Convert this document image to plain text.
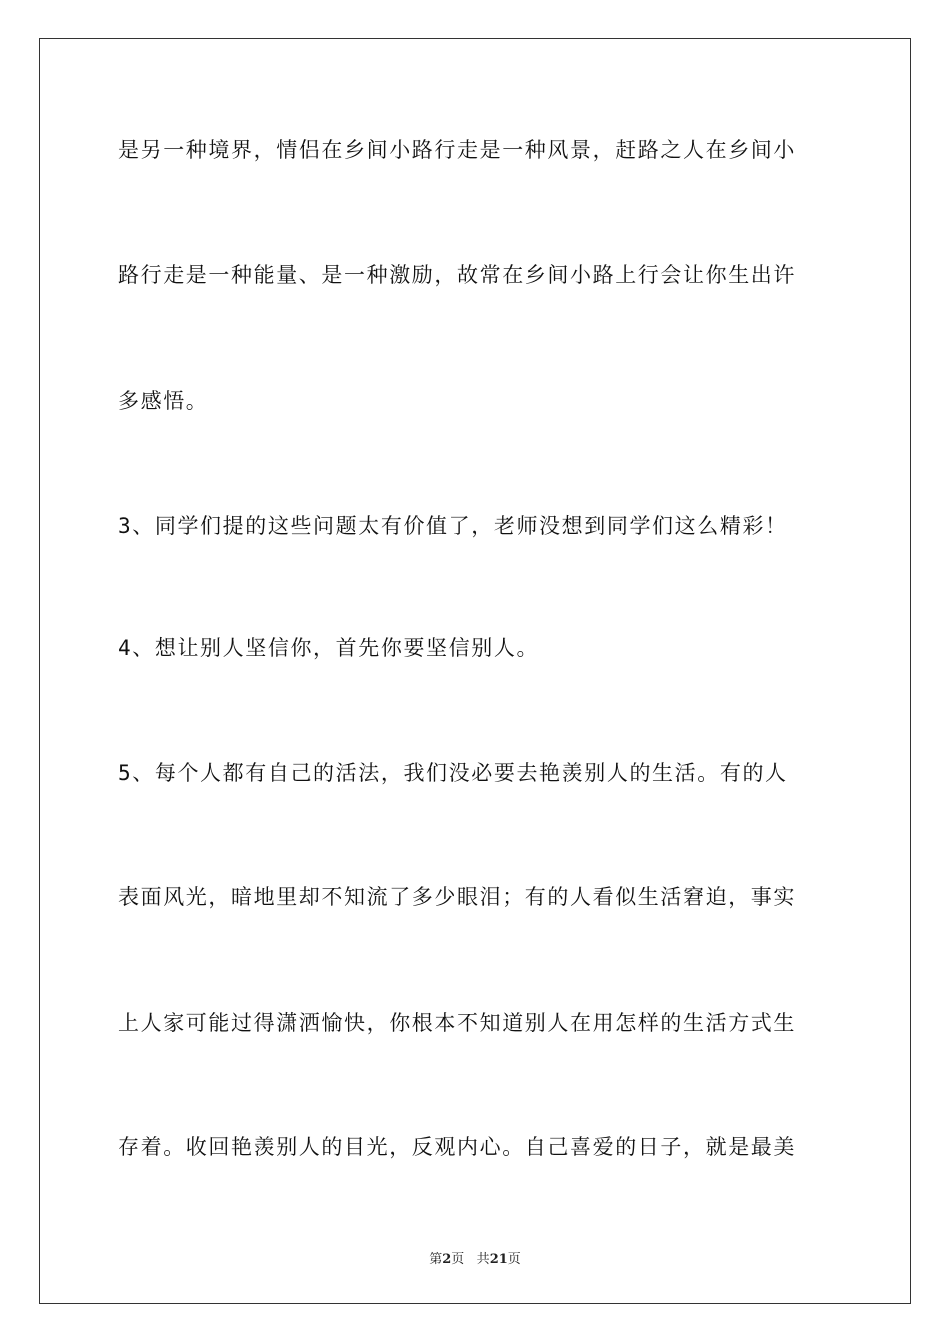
是另一种境界，情侣在乡间小路行走是一种风景，赶路之人在乡间小
路行走是一种能量、是一种激励，故常在乡间小路上行会让你生出许
多感悟。
3、同学们提的这些问题太有价值了，老师没想到同学们这么精彩！
4、想让别人坚信你，首先你要坚信别人。
5、每个人都有自己的活法，我们没必要去艳羡别人的生活。有的人
表面风光，暗地里却不知流了多少眼泪；有的人看似生活窘迫，事实
上人家可能过得潇洒愉快，你根本不知道别人在用怎样的生活方式生
存着。收回艳羡别人的目光，反观内心。自己喜爱的日子，就是最美
第2页 共21页
